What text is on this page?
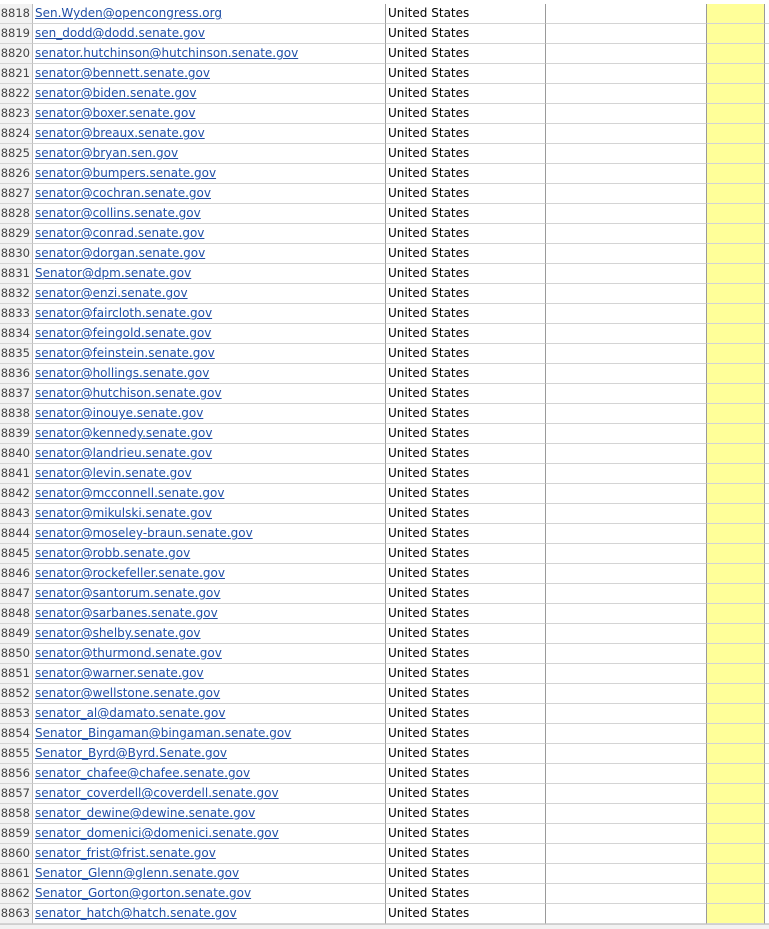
8818 Sen.Wyden@opencongress.org	United States
8819 sen_dodd@dodd.senate.gov	United States
8820 senator.hutchinson@hutchinson.senate.gov	United States
8821 senator@bennett.senate.gov	United States
8822 senator@biden.senate.gov	United States
8823 senator@boxer.senate.gov	United States
8824 senator@breaux.senate.gov	United States
8825 senator@bryan.sen.gov	United States
8826 senator@bumpers.senate.gov	United States
8827 senator@cochran.senate.gov	United States
8828 senator@collins.senate.gov	United States
8829 senator@conrad.senate.gov	United States
8830 senator@dorgan.senate.gov	United States
8831 Senator@dpm.senate.gov	United States
8832 senator@enzi.senate.gov	United States
8833 senator@faircloth.senate.gov	United States
8834 senator@feingold.senate.gov	United States
8835 senator@feinstein.senate.gov	United States
8836 senator@hollings.senate.gov	United States
8837 senator@hutchison.senate.gov	United States
8838 senator@inouye.senate.gov	United States
8839 senator@kennedy.senate.gov	United States
8840 senator@landrieu.senate.gov	United States
8841 senator@levin.senate.gov	United States
8842 senator@mcconnell.senate.gov	United States
8843 senator@mikulski.senate.gov	United States
8844 senator@moseley-braun.senate.gov	United States
8845 senator@robb.senate.gov	United States
8846 senator@rockefeller.senate.gov	United States
8847 senator@santorum.senate.gov	United States
8848 senator@sarbanes.senate.gov	United States
8849 senator@shelby.senate.gov	United States
8850 senator@thurmond.senate.gov	United States
8851 senator@warner.senate.gov	United States
8852 senator@wellstone.senate.gov	United States
8853 senator_al@damato.senate.gov	United States
8854 Senator_Bingaman@bingaman.senate.gov	United States
8855 Senator_Byrd@Byrd.Senate.gov	United States
8856 senator_chafee@chafee.senate.gov	United States
8857 senator_coverdell@coverdell.senate.gov	United States
8858 senator_dewine@dewine.senate.gov	United States
8859 senator_domenici@domenici.senate.gov	United States
8860 senator_frist@frist.senate.gov	United States
8861 Senator_Glenn@glenn.senate.gov	United States
8862 Senator_Gorton@gorton.senate.gov	United States
8863 senator_hatch@hatch.senate.gov	United States
